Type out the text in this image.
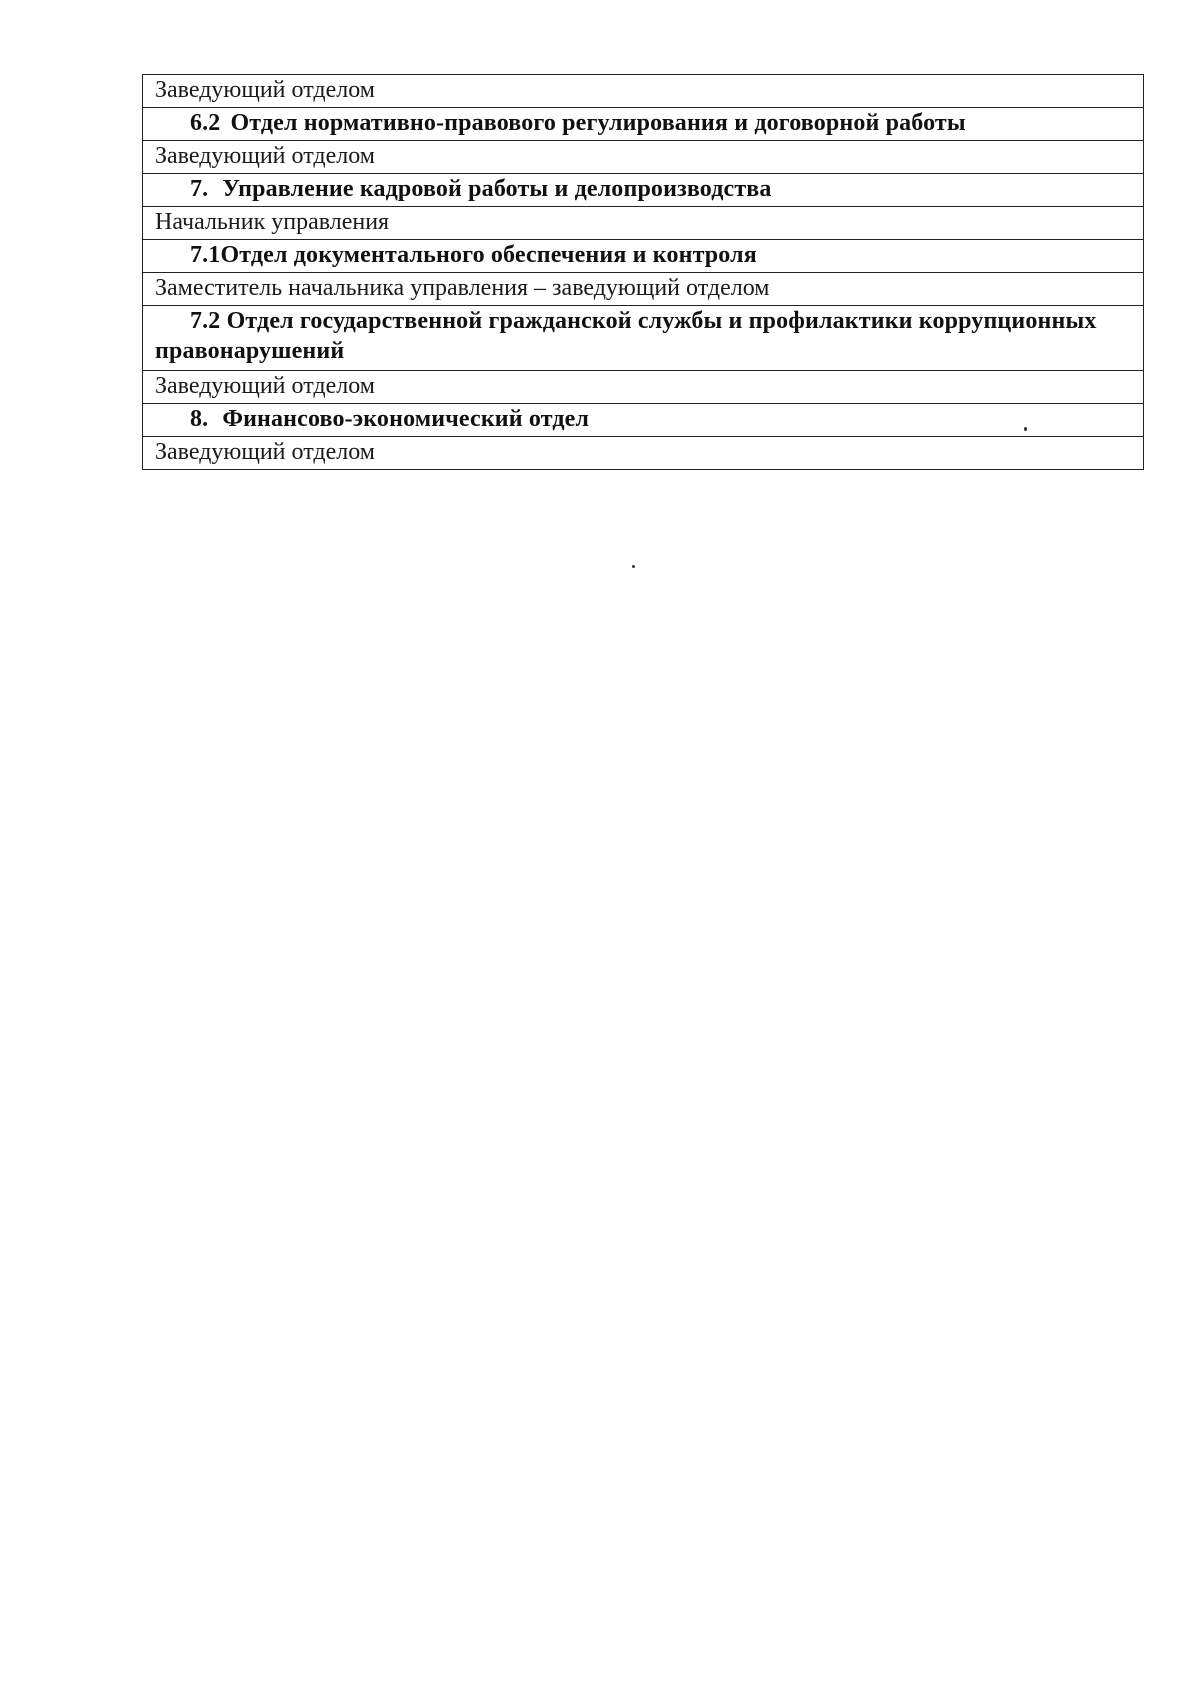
Заведующий отделом
6.2 Отдел нормативно-правового регулирования и договорной работы
Заведующий отделом
7. Управление кадровой работы и делопроизводства
Начальник управления
7.1Отдел документального обеспечения и контроля
Заместитель начальника управления – заведующий отделом
7.2 Отдел государственной гражданской службы и профилактики коррупционных правонарушений
Заведующий отделом
8. Финансово-экономический отдел
Заведующий отделом
